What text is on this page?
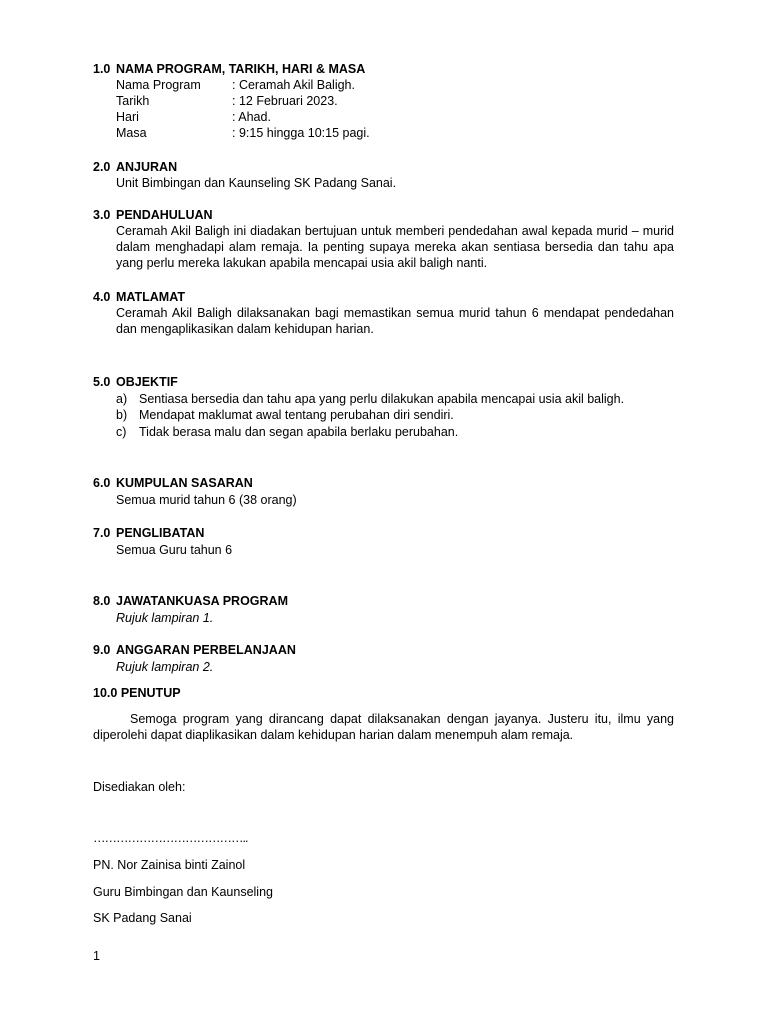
1.0 NAMA PROGRAM, TARIKH, HARI & MASA
Nama Program	: Ceramah Akil Baligh.
Tarikh	: 12 Februari 2023.
Hari	: Ahad.
Masa	: 9:15 hingga 10:15 pagi.
2.0 ANJURAN
Unit Bimbingan dan Kaunseling SK Padang Sanai.
3.0 PENDAHULUAN
Ceramah Akil Baligh ini diadakan bertujuan untuk memberi pendedahan awal kepada murid – murid dalam menghadapi alam remaja. Ia penting supaya mereka akan sentiasa bersedia dan tahu apa yang perlu mereka lakukan apabila mencapai usia akil baligh nanti.
4.0 MATLAMAT
Ceramah Akil Baligh dilaksanakan bagi memastikan semua murid tahun 6 mendapat pendedahan dan mengaplikasikan dalam kehidupan harian.
5.0 OBJEKTIF
a) Sentiasa bersedia dan tahu apa yang perlu dilakukan apabila mencapai usia akil baligh.
b) Mendapat maklumat awal tentang perubahan diri sendiri.
c) Tidak berasa malu dan segan apabila berlaku perubahan.
6.0 KUMPULAN SASARAN
Semua murid tahun 6 (38 orang)
7.0 PENGLIBATAN
Semua Guru tahun 6
8.0 JAWATANKUASA PROGRAM
Rujuk lampiran 1.
9.0 ANGGARAN PERBELANJAAN
Rujuk lampiran 2.
10.0 PENUTUP
Semoga program yang dirancang dapat dilaksanakan dengan jayanya. Justeru itu, ilmu yang diperolehi dapat diaplikasikan dalam kehidupan harian dalam menempuh alam remaja.
Disediakan oleh:
…………………………………..
PN. Nor Zainisa binti Zainol
Guru Bimbingan dan Kaunseling
SK Padang Sanai
1
